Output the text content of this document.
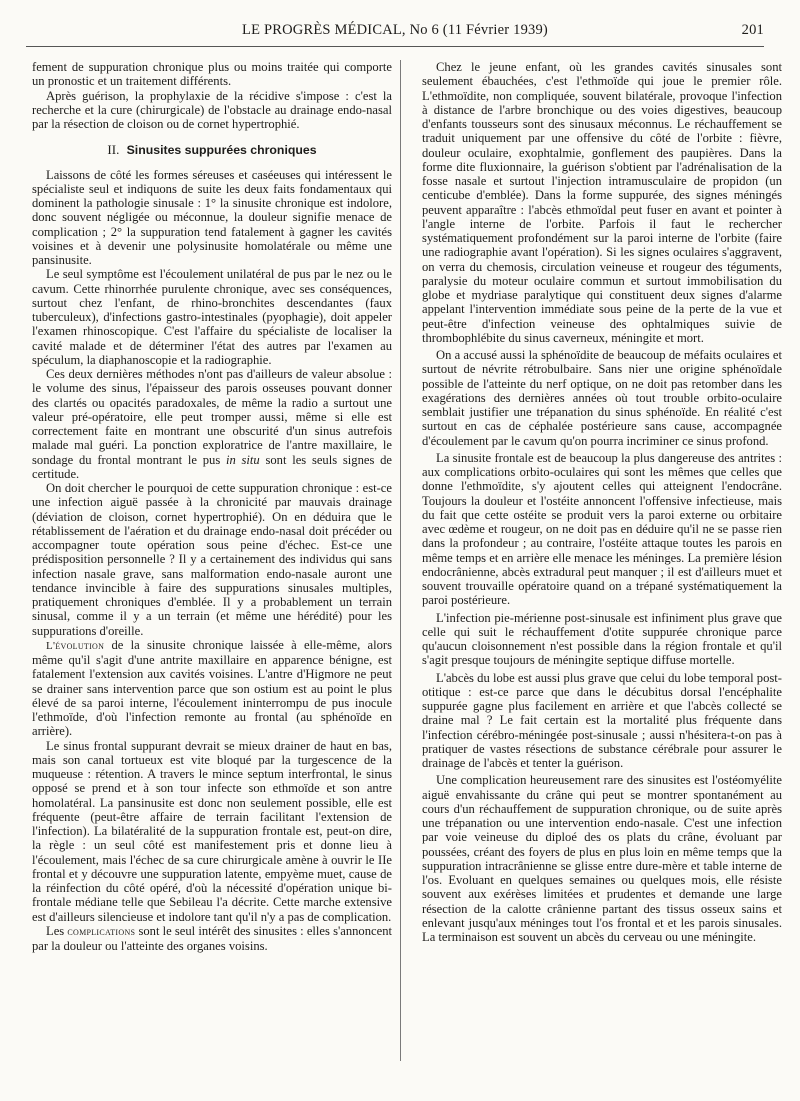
LE PROGRÈS MÉDICAL, No 6 (11 Février 1939)	201

fement de suppuration chronique plus ou moins traitée qui comporte un pronostic et un traitement différents.

Après guérison, la prophylaxie de la récidive s'impose : c'est la recherche et la cure (chirurgicale) de l'obstacle au drainage endo-nasal par la résection de cloison ou de cornet hypertrophié.

II. Sinusites suppurées chroniques

Laissons de côté les formes séreuses et caséeuses qui intéressent le spécialiste seul et indiquons de suite les deux faits fondamentaux qui dominent la pathologie sinusale : 1° la sinusite chronique est indolore, donc souvent négligée ou méconnue, la douleur signifie menace de complication ; 2° la suppuration tend fatalement à gagner les cavités voisines et à devenir une polysinusite homolatérale ou même une pansinusite.

Le seul symptôme est l'écoulement unilatéral de pus par le nez ou le cavum. Cette rhinorrhée purulente chronique, avec ses conséquences, surtout chez l'enfant, de rhino-bronchites descendantes (faux tuberculeux), d'infections gastro-intestinales (pyophagie), doit appeler l'examen rhinoscopique. C'est l'affaire du spécialiste de localiser la cavité malade et de déterminer l'état des autres par l'examen au spéculum, la diaphanoscopie et la radiographie.

Ces deux dernières méthodes n'ont pas d'ailleurs de valeur absolue : le volume des sinus, l'épaisseur des parois osseuses pouvant donner des clartés ou opacités paradoxales, de même la radio a surtout une valeur pré-opératoire, elle peut tromper aussi, même si elle est correctement faite en montrant une obscurité d'un sinus autrefois malade mal guéri. La ponction exploratrice de l'antre maxillaire, le sondage du frontal montrant le pus in situ sont les seuls signes de certitude.

On doit chercher le pourquoi de cette suppuration chronique : est-ce une infection aiguë passée à la chronicité par mauvais drainage (déviation de cloison, cornet hypertrophié). On en déduira que le rétablissement de l'aération et du drainage endo-nasal doit précéder ou accompagner toute opération sous peine d'échec. Est-ce une prédisposition personnelle ? Il y a certainement des individus qui sans infection nasale grave, sans malformation endo-nasale auront une tendance invincible à faire des suppurations sinusales multiples, pratiquement chroniques d'emblée. Il y a probablement un terrain sinusal, comme il y a un terrain (et même une hérédité) pour les suppurations d'oreille.

L'évolution de la sinusite chronique laissée à elle-même, alors même qu'il s'agit d'une antrite maxillaire en apparence bénigne, est fatalement l'extension aux cavités voisines. L'antre d'Higmore ne peut se drainer sans intervention parce que son ostium est au point le plus élevé de sa paroi interne, l'écoulement ininterrompu de pus inocule l'ethmoïde, d'où l'infection remonte au frontal (au sphénoïde en arrière).

Le sinus frontal suppurant devrait se mieux drainer de haut en bas, mais son canal tortueux est vite bloqué par la turgescence de la muqueuse : rétention. A travers le mince septum interfrontal, le sinus opposé se prend et à son tour infecte son ethmoïde et son antre homolatéral. La pansinusite est donc non seulement possible, elle est fréquente (peut-être affaire de terrain facilitant l'extension de l'infection). La bilatéralité de la suppuration frontale est, peut-on dire, la règle : un seul côté est manifestement pris et donne lieu à l'écoulement, mais l'échec de sa cure chirurgicale amène à ouvrir le IIe frontal et y découvre une suppuration latente, empyème muet, cause de la réinfection du côté opéré, d'où la nécessité d'opération unique bi-frontale médiane telle que Sebileau l'a décrite. Cette marche extensive est d'ailleurs silencieuse et indolore tant qu'il n'y a pas de complication.

Les complications sont le seul intérêt des sinusites : elles s'annoncent par la douleur ou l'atteinte des organes voisins.

Chez le jeune enfant, où les grandes cavités sinusales sont seulement ébauchées, c'est l'ethmoïde qui joue le premier rôle. L'ethmoïdite, non compliquée, souvent bilatérale, provoque l'infection à distance de l'arbre bronchique ou des voies digestives, beaucoup d'enfants tousseurs sont des sinusaux méconnus. Le réchauffement se traduit uniquement par une offensive du côté de l'orbite : fièvre, douleur oculaire, exophtalmie, gonflement des paupières. Dans la forme dite fluxionnaire, la guérison s'obtient par l'adrénalisation de la fosse nasale et surtout l'injection intramusculaire de propidon (un centicube d'emblée). Dans la forme suppurée, des signes méningés peuvent apparaître : l'abcès ethmoïdal peut fuser en avant et pointer à l'angle interne de l'orbite. Parfois il faut le rechercher systématiquement profondément sur la paroi interne de l'orbite (faire une radiographie avant l'opération). Si les signes oculaires s'aggravent, on verra du chemosis, circulation veineuse et rougeur des téguments, paralysie du moteur oculaire commun et surtout immobilisation du globe et mydriase paralytique qui constituent deux signes d'alarme appelant l'intervention immédiate sous peine de la perte de la vue et peut-être d'infection veineuse des ophtalmiques suivie de thrombophlébite du sinus caverneux, méningite et mort.

On a accusé aussi la sphénoïdite de beaucoup de méfaits oculaires et surtout de névrite rétrobulbaire. Sans nier une origine sphénoïdale possible de l'atteinte du nerf optique, on ne doit pas retomber dans les exagérations des dernières années où tout trouble orbito-oculaire semblait justifier une trépanation du sinus sphénoïde. En réalité c'est surtout en cas de céphalée postérieure sans cause, accompagnée d'écoulement par le cavum qu'on pourra incriminer ce sinus profond.

La sinusite frontale est de beaucoup la plus dangereuse des antrites : aux complications orbito-oculaires qui sont les mêmes que celles que donne l'ethmoïdite, s'y ajoutent celles qui atteignent l'endocrâne. Toujours la douleur et l'ostéite annoncent l'offensive infectieuse, mais du fait que cette ostéite se produit vers la paroi externe ou orbitaire avec œdème et rougeur, on ne doit pas en déduire qu'il ne se passe rien dans la profondeur ; au contraire, l'ostéite attaque toutes les parois en même temps et en arrière elle menace les méninges. La première lésion endocrânienne, abcès extradural peut manquer ; il est d'ailleurs muet et souvent trouvaille opératoire quand on a trépané systématiquement la paroi postérieure.

L'infection pie-mérienne post-sinusale est infiniment plus grave que celle qui suit le réchauffement d'otite suppurée chronique parce qu'aucun cloisonnement n'est possible dans la région frontale et qu'il s'agit presque toujours de méningite septique diffuse mortelle.

L'abcès du lobe est aussi plus grave que celui du lobe temporal post-otitique : est-ce parce que dans le décubitus dorsal l'encéphalite suppurée gagne plus facilement en arrière et que l'abcès collecté se draine mal ? Le fait certain est la mortalité plus fréquente dans l'infection cérébro-méningée post-sinusale ; aussi n'hésitera-t-on pas à pratiquer de vastes résections de substance cérébrale pour assurer le drainage de l'abcès et tenter la guérison.

Une complication heureusement rare des sinusites est l'ostéomyélite aiguë envahissante du crâne qui peut se montrer spontanément au cours d'un réchauffement de suppuration chronique, ou de suite après une trépanation ou une intervention endo-nasale. C'est une infection par voie veineuse du diploé des os plats du crâne, évoluant par poussées, créant des foyers de plus en plus loin en même temps que la suppuration intracrânienne se glisse entre dure-mère et table interne de l'os. Evoluant en quelques semaines ou quelques mois, elle résiste souvent aux exérèses limitées et prudentes et demande une large résection de la calotte crânienne partant des tissus osseux sains et enlevant jusqu'aux méninges tout l'os frontal et et les parois sinusales. La terminaison est souvent un abcès du cerveau ou une méningite.
